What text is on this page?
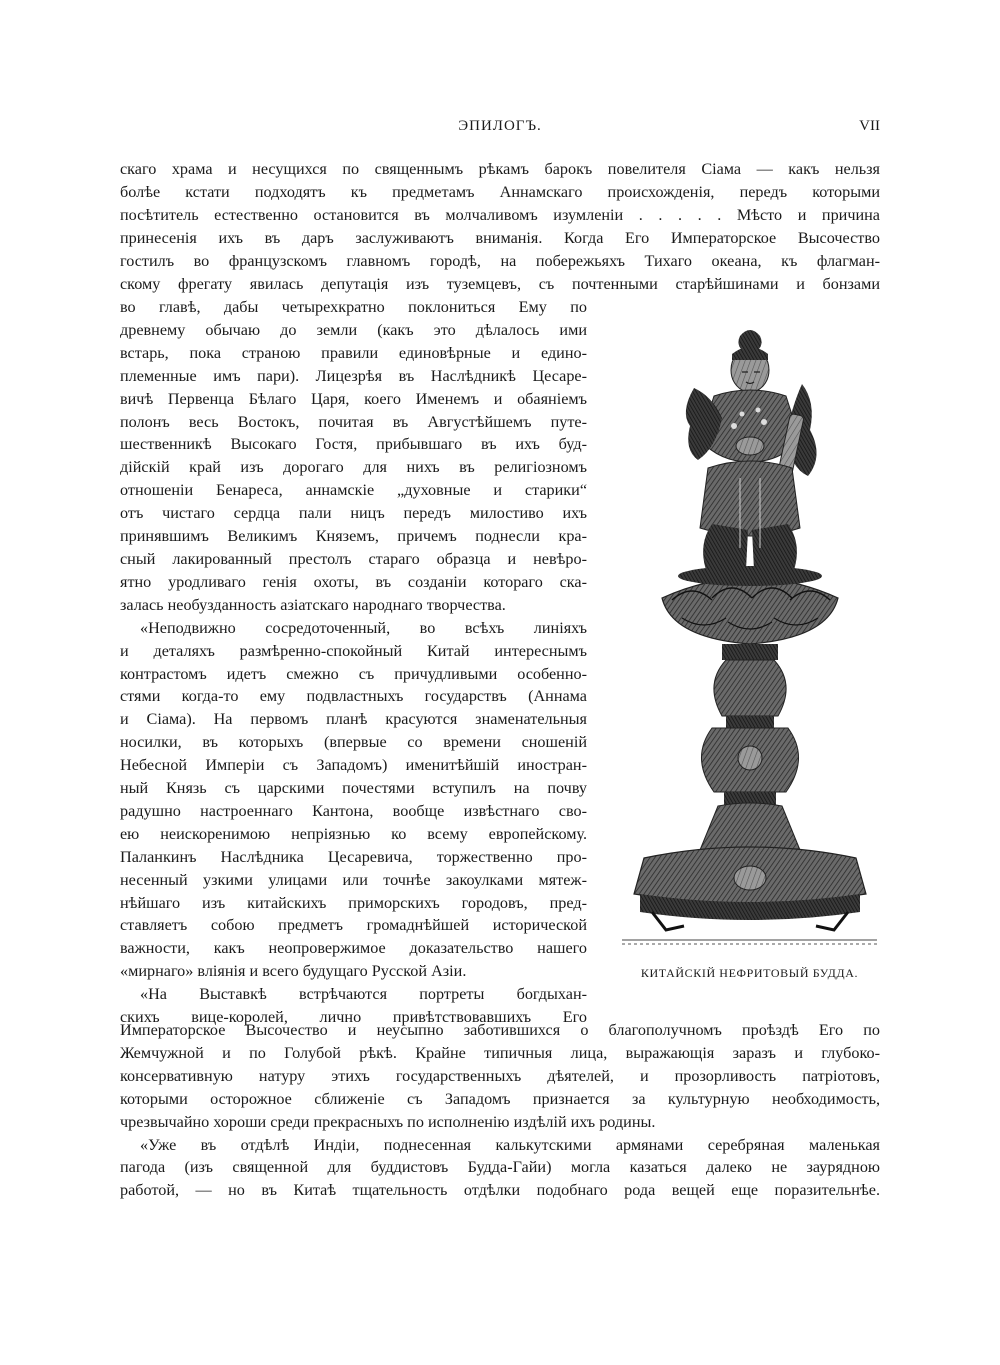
ЭПИЛОГЪ.	VII
скаго храма и несущихся по священнымъ рѣкамъ барокъ повелителя Сіама — какъ нельзя
болѣе кстати подходятъ къ предметамъ Аннамскаго происхожденія, передъ которыми
посѣтитель естественно остановится въ молчаливомъ изумленіи . . . . . Мѣсто и причина
принесенія ихъ въ даръ заслуживаютъ вниманія. Когда Его Императорское Высочество
гостилъ во французскомъ главномъ городѣ, на побережьяхъ Тихаго океана, къ флагман-
скому фрегату явилась депутація изъ туземцевъ, съ почтенными старѣйшинами и бонзами
во главѣ, дабы четырехкратно поклониться Ему по
древнему обычаю до земли (какъ это дѣлалось ими
встарь, пока страною правили единовѣрные и едино-
племенные имъ пари). Лицезрѣя въ Наслѣдникѣ Цесаре-
вичѣ Первенца Бѣлаго Царя, коего Именемъ и обаяніемъ
полонъ весь Востокъ, почитая въ Августѣйшемъ путе-
шественникѣ Высокаго Гостя, прибывшаго въ ихъ буд-
дійскій край изъ дорогаго для нихъ въ религіозномъ
отношеніи Бенареса, аннамскіе „духовные и старики“
отъ чистаго сердца пали ницъ передъ милостиво ихъ
принявшимъ Великимъ Княземъ, причемъ поднесли кра-
сный лакированный престолъ стараго образца и невѣро-
ятно уродливаго генія охоты, въ созданіи котораго ска-
залась необузданность азіатскаго народнаго творчества.
«Неподвижно сосредоточенный, во всѣхъ линіяхъ
и деталяхъ размѣренно-спокойный Китай интереснымъ
контрастомъ идетъ смежно съ причудливыми особенно-
стями когда-то ему подвластныхъ государствъ (Аннама
и Сіама). На первомъ планѣ красуются знаменательныя
носилки, въ которыхъ (впервые со времени сношеній
Небесной Имперіи съ Западомъ) именитѣйшій иностран-
ный Князь съ царскими почестями вступилъ на почву
радушно настроеннаго Кантона, вообще извѣстнаго сво-
ею неискоренимою непріязнью ко всему европейскому.
Паланкинъ Наслѣдника Цесаревича, торжественно про-
несенный узкими улицами или точнѣе закоулками мятеж-
нѣйшаго изъ китайскихъ приморскихъ городовъ, пред-
ставляетъ собою предметъ громаднѣйшей исторической
важности, какъ неопровержимое доказательство нашего
«мирнаго» вліянія и всего будущаго Русской Азіи.
«На Выставкѣ встрѣчаются портреты богдыхан-
скихъ вице-королей, лично привѣтствовавшихъ Его
Императорское Высочество и неусыпно заботившихся о благополучномъ проѣздѣ Его по
Жемчужной и по Голубой рѣкѣ. Крайне типичныя лица, выражающія заразъ и глубоко-
консервативную натуру этихъ государственныхъ дѣятелей, и прозорливость патріотовъ,
которыми осторожное сближеніе съ Западомъ признается за культурную необходимость,
чрезвычайно хороши среди прекрасныхъ по исполненію издѣлій ихъ родины.
«Уже въ отдѣлѣ Индіи, поднесенная калькутскими армянами серебряная маленькая
пагода (изъ священной для буддистовъ Будда-Гайи) могла казаться далеко не заурядною
работой, — но въ Китаѣ тщательность отдѣлки подобнаго рода вещей еще поразительнѣе.
КИТАЙСКІЙ НЕФРИТОВЫЙ БУДДА.
